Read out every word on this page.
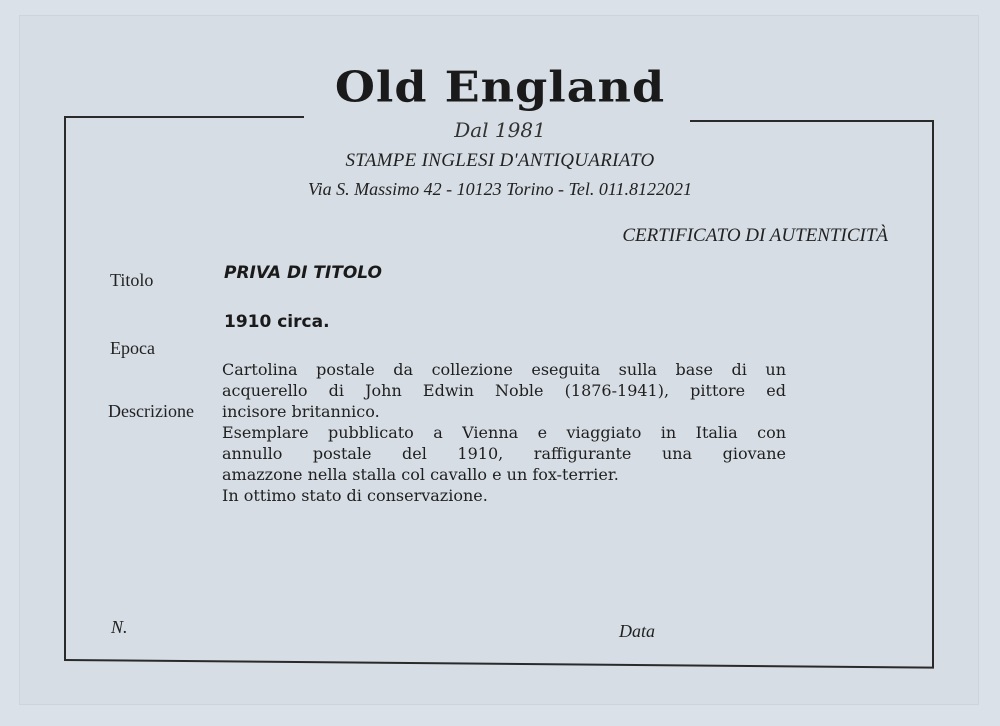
Old England
Dal 1981
STAMPE INGLESI D'ANTIQUARIATO
Via S. Massimo 42 - 10123 Torino - Tel. 011.8122021
CERTIFICATO DI AUTENTICITÀ
Titolo	PRIVA DI TITOLO
Epoca
1910 circa.
Descrizione

Cartolina postale da collezione eseguita sulla base di un

acquerello di John Edwin Noble (1876-1941), pittore ed

incisore britannico.

Esemplare pubblicato a Vienna e viaggiato in Italia con

annullo postale del 1910, raffigurante una giovane

amazzone nella stalla col cavallo e un fox-terrier.

In ottimo stato di conservazione.

N.	Data
